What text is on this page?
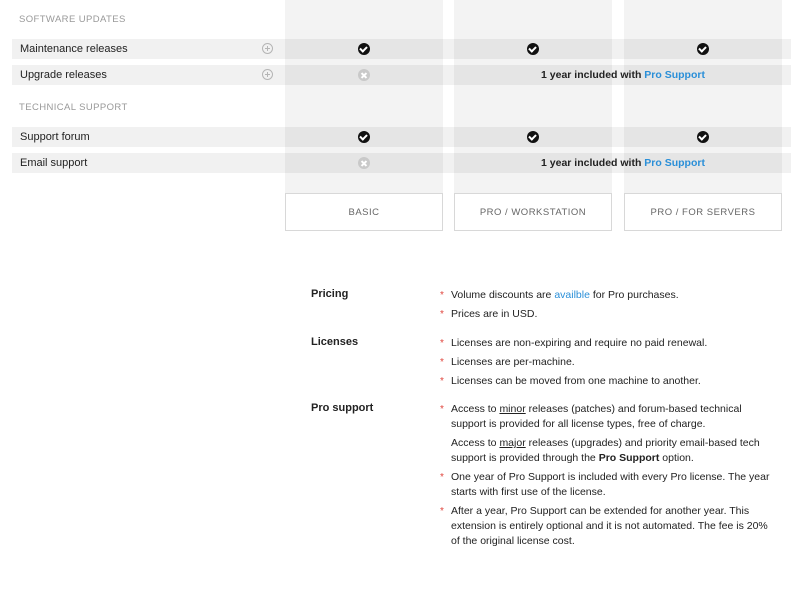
SOFTWARE UPDATES
Maintenance releases
Upgrade releases	1 year included with Pro Support
TECHNICAL SUPPORT
Support forum
Email support	1 year included with Pro Support
BASIC	PRO / WORKSTATION	PRO / FOR SERVERS
Pricing	* Volume discounts are availble for Pro purchases.
* Prices are in USD.
Licenses	* Licenses are non-expiring and require no paid renewal.
* Licenses are per-machine.
* Licenses can be moved from one machine to another.
Pro support	* Access to minor releases (patches) and forum-based technical support is provided for all license types, free of charge.
Access to major releases (upgrades) and priority email-based tech support is provided through the Pro Support option.
* One year of Pro Support is included with every Pro license. The year starts with first use of the license.
* After a year, Pro Support can be extended for another year. This extension is entirely optional and it is not automated. The fee is 20% of the original license cost.
